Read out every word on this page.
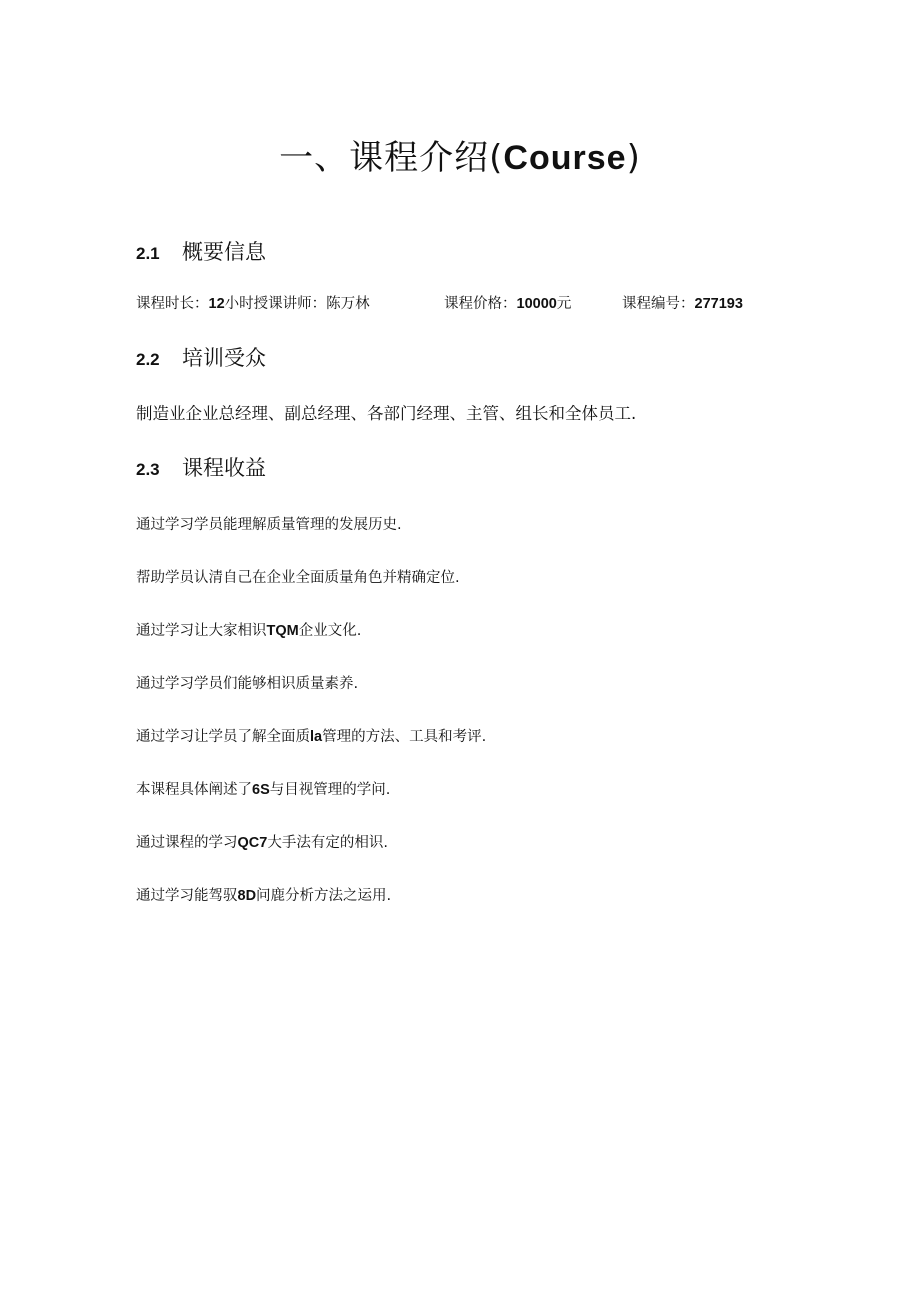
一、课程介绍(Course)
2.1	概要信息
课程时长：12小时授课讲师：陈万林	课程价格：10000元	课程编号：277193
2.2	培训受众

制造业企业总经理、副总经理、各部门经理、主管、组长和全体员工.

2.3	课程收益

通过学习学员能理解质量管理的发展历史.

帮助学员认清自己在企业全面质量角色并精确定位.

通过学习让大家相识TQM企业文化.

通过学习学员们能够相识质量素养.

通过学习让学员了解全面质la管理的方法、工具和考评.

本课程具体阐述了6S与目视管理的学问.

通过课程的学习QC7大手法有定的相识.

通过学习能驾驭8D问鹿分析方法之运用.
